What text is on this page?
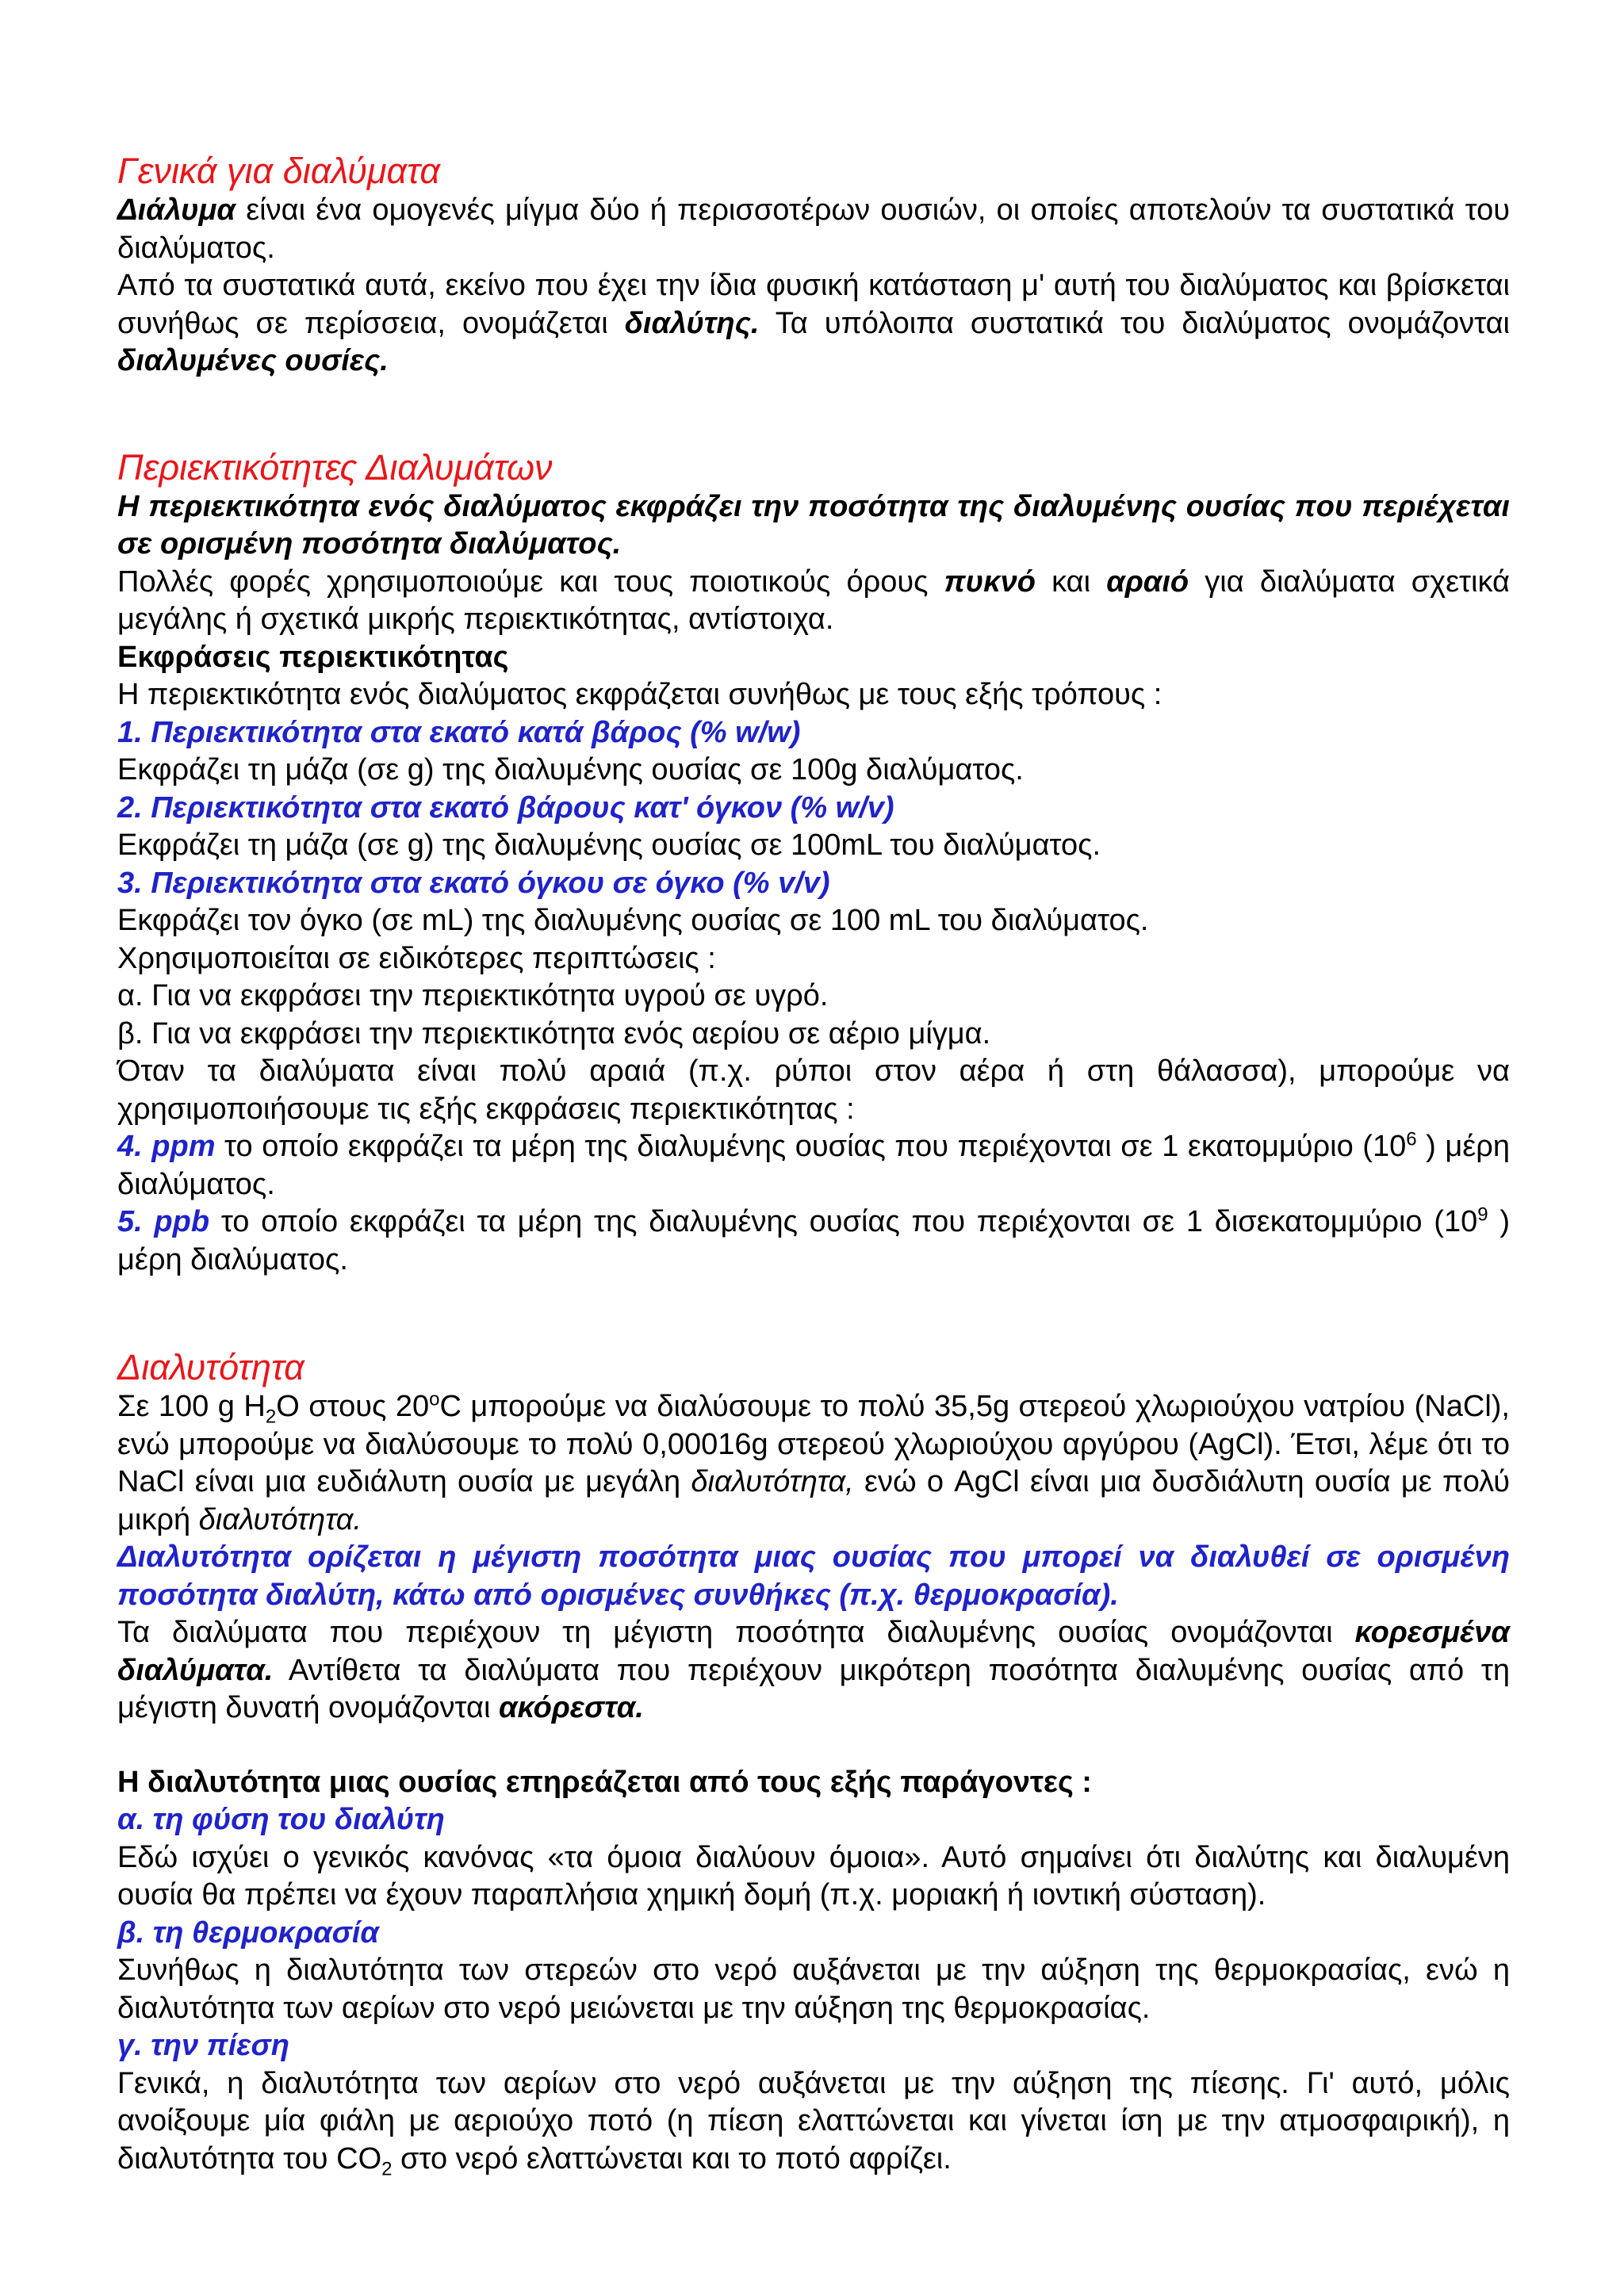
Γενικά για διαλύματα

Διάλυμα είναι ένα ομογενές μίγμα δύο ή περισσοτέρων ουσιών, οι οποίες αποτελούν τα συστατικά του διαλύματος.

Από τα συστατικά αυτά, εκείνο που έχει την ίδια φυσική κατάσταση μ' αυτή του διαλύματος και βρίσκεται συνήθως σε περίσσεια, ονομάζεται διαλύτης. Τα υπόλοιπα συστατικά του διαλύματος ονομάζονται διαλυμένες ουσίες.

Περιεκτικότητες Διαλυμάτων

Η περιεκτικότητα ενός διαλύματος εκφράζει την ποσότητα της διαλυμένης ουσίας που περιέχεται σε ορισμένη ποσότητα διαλύματος.

Πολλές φορές χρησιμοποιούμε και τους ποιοτικούς όρους πυκνό και αραιό για διαλύματα σχετικά μεγάλης ή σχετικά μικρής περιεκτικότητας, αντίστοιχα.

Εκφράσεις περιεκτικότητας

Η περιεκτικότητα ενός διαλύματος εκφράζεται συνήθως με τους εξής τρόπους :

1. Περιεκτικότητα στα εκατό κατά βάρος (% w/w)

Εκφράζει τη μάζα (σε g) της διαλυμένης ουσίας σε 100g διαλύματος.

2. Περιεκτικότητα στα εκατό βάρους κατ' όγκον (% w/v)

Εκφράζει τη μάζα (σε g) της διαλυμένης ουσίας σε 100mL του διαλύματος.

3. Περιεκτικότητα στα εκατό όγκου σε όγκο (% v/v)

Εκφράζει τον όγκο (σε mL) της διαλυμένης ουσίας σε 100 mL του διαλύματος.

Χρησιμοποιείται σε ειδικότερες περιπτώσεις :

α. Για να εκφράσει την περιεκτικότητα υγρού σε υγρό.

β. Για να εκφράσει την περιεκτικότητα ενός αερίου σε αέριο μίγμα.

Όταν τα διαλύματα είναι πολύ αραιά (π.χ. ρύποι στον αέρα ή στη θάλασσα), μπορούμε να χρησιμοποιήσουμε τις εξής εκφράσεις περιεκτικότητας :

4. ppm το οποίο εκφράζει τα μέρη της διαλυμένης ουσίας που περιέχονται σε 1 εκατομμύριο ($10^6$ ) μέρη διαλύματος.

5. ppb το οποίο εκφράζει τα μέρη της διαλυμένης ουσίας που περιέχονται σε 1 δισεκατομμύριο ($10^9$ ) μέρη διαλύματος.

Διαλυτότητα

Σε 100 g $H_2O$ στους 20$^o$C μπορούμε να διαλύσουμε το πολύ 35,5g στερεού χλωριούχου νατρίου (NaCl), ενώ μπορούμε να διαλύσουμε το πολύ 0,00016g στερεού χλωριούχου αργύρου (AgCl). Έτσι, λέμε ότι το NaCl είναι μια ευδιάλυτη ουσία με μεγάλη διαλυτότητα, ενώ ο AgCl είναι μια δυσδιάλυτη ουσία με πολύ μικρή διαλυτότητα.

Διαλυτότητα ορίζεται η μέγιστη ποσότητα μιας ουσίας που μπορεί να διαλυθεί σε ορισμένη ποσότητα διαλύτη, κάτω από ορισμένες συνθήκες (π.χ. θερμοκρασία).

Τα διαλύματα που περιέχουν τη μέγιστη ποσότητα διαλυμένης ουσίας ονομάζονται κορεσμένα διαλύματα. Αντίθετα τα διαλύματα που περιέχουν μικρότερη ποσότητα διαλυμένης ουσίας από τη μέγιστη δυνατή ονομάζονται ακόρεστα.

Η διαλυτότητα μιας ουσίας επηρεάζεται από τους εξής παράγοντες :

α. τη φύση του διαλύτη

Εδώ ισχύει ο γενικός κανόνας «τα όμοια διαλύουν όμοια». Αυτό σημαίνει ότι διαλύτης και διαλυμένη ουσία θα πρέπει να έχουν παραπλήσια χημική δομή (π.χ. μοριακή ή ιοντική σύσταση).

β. τη θερμοκρασία

Συνήθως η διαλυτότητα των στερεών στο νερό αυξάνεται με την αύξηση της θερμοκρασίας, ενώ η διαλυτότητα των αερίων στο νερό μειώνεται με την αύξηση της θερμοκρασίας.

γ. την πίεση

Γενικά, η διαλυτότητα των αερίων στο νερό αυξάνεται με την αύξηση της πίεσης. Γι' αυτό, μόλις ανοίξουμε μία φιάλη με αεριούχο ποτό (η πίεση ελαττώνεται και γίνεται ίση με την ατμοσφαιρική), η διαλυτότητα του $CO_2$ στο νερό ελαττώνεται και το ποτό αφρίζει.
